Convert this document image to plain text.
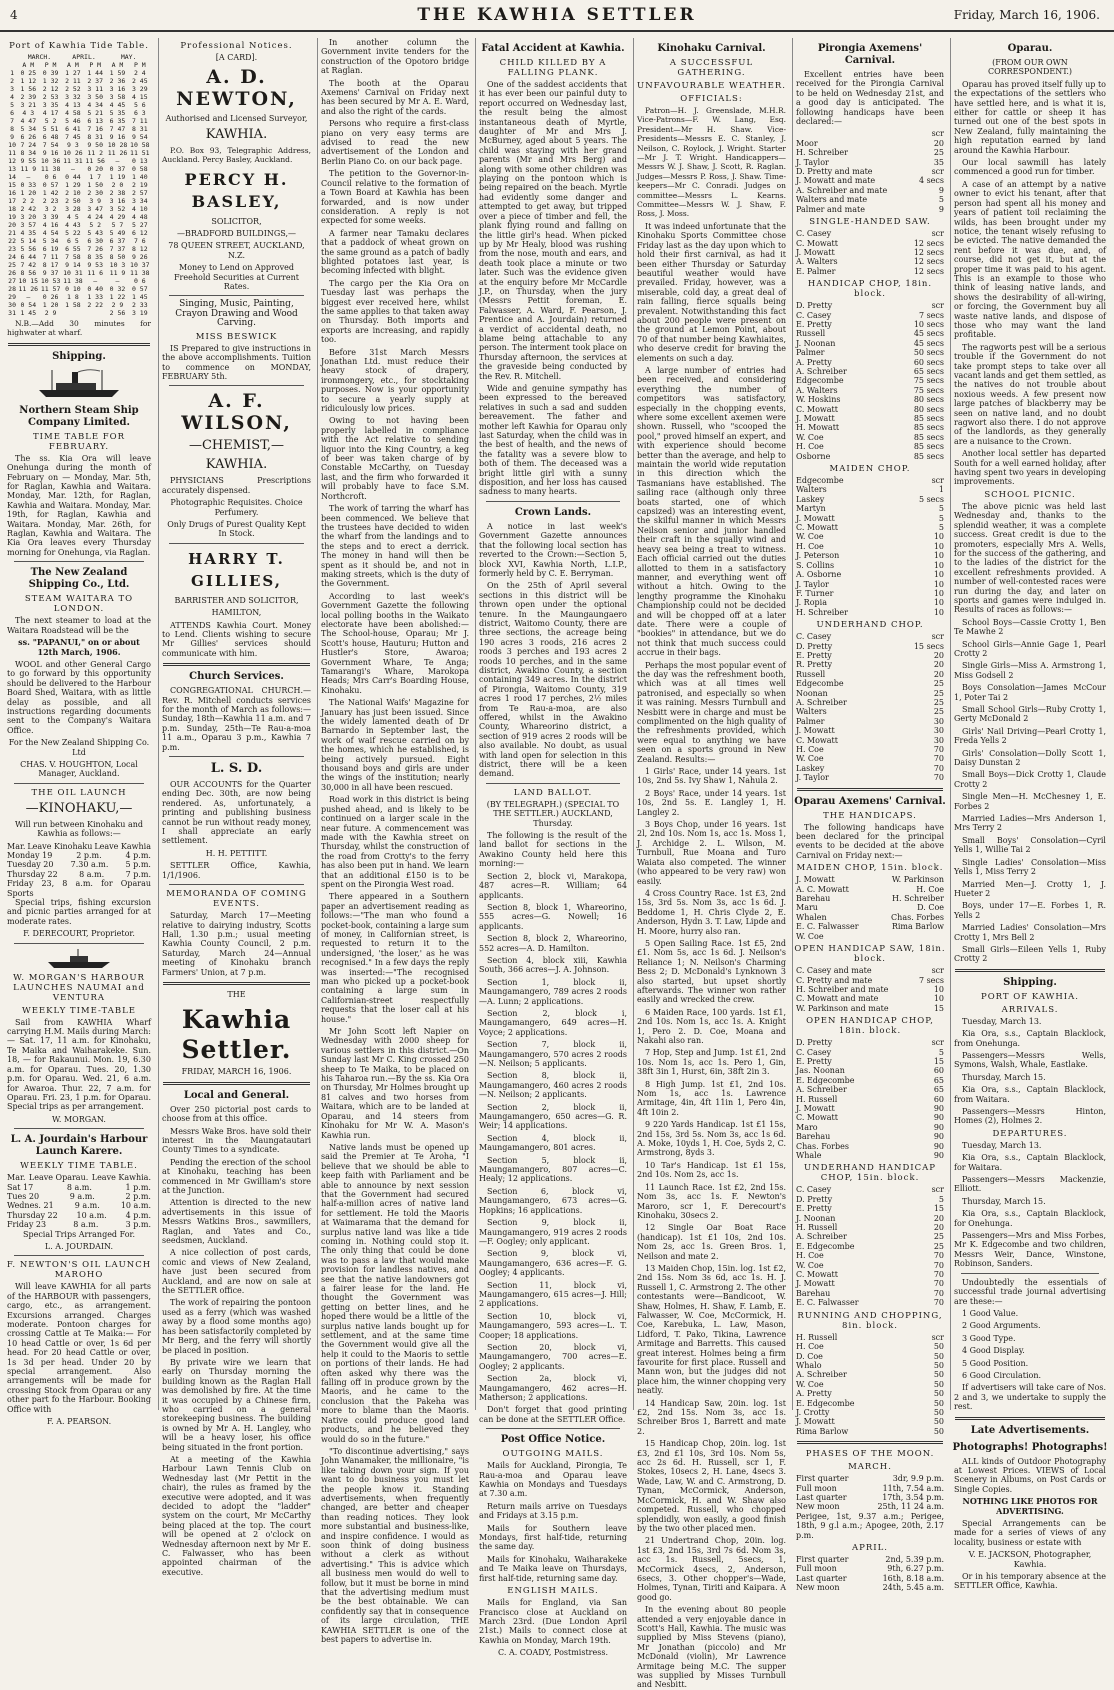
4	THE KAWHIA SETTLER	Friday, March 16, 1906.
Port of Kawhia Tide Table.
	MARCH.		APRIL.		MAY.	
	A M	P M	A M	P M	A M	P M
1	0 25	0 39	1 27	1 44	1 59	2 4
2	1 12	1 32	2 11	2 37	2 36	2 45
3	1 56	2 12	2 52	3 11	3 16	3 29
4	2 39	2 53	3 32	3 50	3 58	4 15
5	3 21	3 35	4 13	4 34	4 45	5 6
6	4 3	4 17	4 58	5 21	5 35	6 3
7	4 47	5 2	5 46	6 13	6 35	7 11
8	5 34	5 51	6 41	7 16	7 47	8 31
9	6 26	6 48	7 45	8 31	9 16	9 54
10	7 24	7 54	9 3	9 50	10 28	10 58
11	8 34	9 16	10 26	11 2	11 26	11 51
12	9 55	10 36	11 31	11 56	—	0 13
13	11 9	11 38	—	0 20	0 37	0 58
14	—	0 6	0 44	1 7	1 19	1 40
15	0 33	0 57	1 29	1 50	2 0	2 19
16	1 20	1 42	2 10	2 30	2 38	2 57
17	2 2	2 23	2 50	3 9	3 16	3 34
18	2 42	3 2	3 28	3 47	3 52	4 10
19	3 20	3 39	4 5	4 24	4 29	4 48
20	3 57	4 16	4 43	5 2	5 7	5 27
21	4 35	4 54	5 22	5 43	5 49	6 12
22	5 14	5 34	6 5	6 30	6 37	7 6
23	5 56	6 19	6 55	7 26	7 37	8 12
24	6 44	7 11	7 58	8 35	8 50	9 26
25	7 42	8 17	9 14	9 53	10 3	10 37
26	8 56	9 37	10 31	11 6	11 9	11 38
27	10 15	10 53	11 38	—	—	0 6
28	11 26	11 57	0 10	0 40	0 32	0 57
29	—	0 26	1 8	1 33	1 22	1 45
30	0 54	1 20	1 58	2 22	2 9	2 33
31	1 45	2 9			2 56	3 19

N.B.—Add 30 minutes for highwater at wharf.

Shipping.
Northern Steam Ship Company Limited.
TIME TABLE FOR FEBRUARY.

The ss. Kia Ora will leave Onehunga during the month of February on — Monday, Mar. 5th, for Raglan, Kawhia and Waitara. Monday, Mar. 12th, for Raglan, Kawhia and Waitara. Monday, Mar. 19th, for Raglan, Kawhia and Waitara. Monday, Mar. 26th, for Raglan, Kawhia and Waitara. The Kia Ora leaves every Thursday morning for Onehunga, via Raglan.

The New Zealand Shipping Co., Ltd.
STEAM WAITARA TO LONDON.

The next steamer to load at the Waitara Roadstead will be the

ss. "PAPANUI," on or about 12th March, 1906.

WOOL and other General Cargo to go forward by this opportunity should be delivered to the Harbour Board Shed, Waitara, with as little delay as possible, and all instructions regarding documents sent to the Company's Waitara Office.

For the New Zealand Shipping Co. Ltd

CHAS. V. HOUGHTON, Local Manager, Auckland.

THE OIL LAUNCH
—KINOHAKU,—

Will run between Kinohaku and Kawhia as follows:—

Mar. Leave Kinohaku Leave Kawhia
Monday 19	2 p.m.	4 p.m.
Tuesday 20 7.30 a.m. 5 p.m.
Thursday 22	8 a.m.	7 p.m.
Friday 23, 8 a.m. for Oparau Sports

Special trips, fishing excursion and picnic parties arranged for at moderate rates.

F. DERECOURT, Proprietor.

W. MORGAN'S HARBOUR LAUNCHES NAUMAI and VENTURA
WEEKLY TIME-TABLE

Sail from KAWHIA Wharf carrying H.M. Mails during March:— Sat. 17, 11 a.m. for Kinohaku, Te Maika and Waiharakeke. Sun. 18, — for Rakaunui. Mon. 19, 6.30 a.m. for Oparau. Tues. 20, 1.30 p.m. for Oparau. Wed. 21, 6 a.m. for Awaroa. Thur. 22, 7 a.m. for Oparau. Fri. 23, 1 p.m. for Oparau. Special trips as per arrangement.

W. MORGAN.

L. A. Jourdain's Harbour Launch Karere.
WEEKLY TIME TABLE.
Mar. Leave Oparau. Leave Kawhia.
Sat 17	8 a.m.	1 p.m.
Tues 20	9 a.m.	2 p.m.
Wednes. 21	9 a.m.	10 a.m.
Thursday 22 10 a.m. 4 p.m.
Friday 23	8 a.m.	3 p.m.

Special Trips Arranged For.

L. A. JOURDAIN.

F. NEWTON'S OIL LAUNCH MAROHO

Will leave KAWHIA for all parts of the HARBOUR with passengers, cargo, etc., as arrangement. Excursions arranged. Charges moderate. Pontoon charges for crossing Cattle at Te Maika:— For 10 head Cattle or over, 1s 6d per head. For 20 head Cattle or over, 1s 3d per head. Under 20 by special arrangement. Also arrangements will be made for crossing Stock from Oparau or any other part fo the Harbour. Booking Office with

F. A. PEARSON.

Professional Notices.

[A CARD].

A. D. NEWTON,

Authorised and Licensed Surveyor,

KAWHIA.

P.O. Box 93, Telegraphic Address, Auckland. Percy Basley, Auckland.

PERCY H. BASLEY,

SOLICITOR,

—BRADFORD BUILDINGS,—

78 QUEEN STREET, AUCKLAND, N.Z.

Money to Lend on Approved Freehold Securities at Current Rates.

Singing, Music, Painting, Crayon Drawing and Wood Carving.

MISS BESWICK

IS Prepared to give instructions in the above accomplishments. Tuition to commence on MONDAY, FEBRUARY 5th.

A. F. WILSON,
—CHEMIST,—
KAWHIA.

PHYSICIANS Prescriptions accurately dispensed.

Photographic Requisites. Choice Perfumery.

Only Drugs of Purest Quality Kept In Stock.

HARRY T. GILLIES,

BARRISTER AND SOLICITOR,

HAMILTON,

ATTENDS Kawhia Court. Money to Lend. Clients wishing to secure Mr Gillies' services should communicate with him.

Church Services.

CONGREGATIONAL CHURCH.—Rev. R. Mitchell conducts services for the month of March as follows:— Sunday, 18th—Kawhia 11 a.m. and 7 p.m. Sunday, 25th—Te Rau-a-moa 11 a.m., Oparau 3 p.m., Kawhia 7 p.m.

L. S. D.

OUR ACCOUNTS for the Quarter ending Dec. 30th, are now being rendered. As, unfortunately, a printing and publishing business cannot be run without ready money, I shall appreciate an early settlement.

H. H. PETTITT.

SETTLER Office, Kawhia, 1/1/1906.

MEMORANDA OF COMING EVENTS.

Saturday, March 17—Meeting relative to dairying industry, Scotts Hall, 1.30 p.m.; usual meeting Kawhia County Council, 2 p.m. Saturday, March 24—Annual meeting of Kinohaku branch Farmers' Union, at 7 p.m.

THE

Kawhia Settler.

FRIDAY, MARCH 16, 1906.

Local and General.

Over 250 pictorial post cards to choose from at this office.

Messrs Wake Bros. have sold their interest in the Maungatautari County Times to a syndicate.

Pending the erection of the school at Kinohaku, teaching has been commenced in Mr Gwilliam's store at the Junction.

Attention is directed to the new advertisements in this issue of Messrs Watkins Bros., sawmillers, Raglan, and Yates and Co., seedsmen, Auckland.

A nice collection of post cards, comic and views of New Zealand, have just been secured from Auckland, and are now on sale at the SETTLER office.

The work of repairing the pontoon used as a ferry (which was washed away by a flood some months ago) has been satisfactorily completed by Mr Berg, and the ferry will shortly be placed in position.

By private wire we learn that early on Thursday morning the building known as the Raglan Hall was demolished by fire. At the time it was occupied by a Chinese firm, who carried on a general storekeeping business. The building is owned by Mr A. H. Langley, who will be a heavy loser, his office being situated in the front portion.

At a meeting of the Kawhia Harbour Lawn Tennis Club on Wednesday last (Mr Pettit in the chair), the rules as framed by the executive were adopted, and it was decided to adopt the "ladder" system on the court, Mr McCarthy being placed at the top. The court will be opened at 2 o'clock on Wednesday afternoon next by Mr E. C. Falwasser, who has been appointed chairman of the executive.

In another column the Government invite tenders for the construction of the Opotoro bridge at Raglan.

The booth at the Oparau Axemens' Carnival on Friday next has been secured by Mr A. E. Ward, and also the right of the cards.

Persons who require a first-class piano on very easy terms are advised to read the new advertisement of the London and Berlin Piano Co. on our back page.

The petition to the Governor-in-Council relative to the formation of a Town Board at Kawhia has been forwarded, and is now under consideration. A reply is not expected for some weeks.

A farmer near Tamaku declares that a paddock of wheat grown on the same ground as a patch of badly blighted potatoes last year, is becoming infected with blight.

The cargo per the Kia Ora on Tuesday last was perhaps the biggest ever received here, whilst the same applies to that taken away on Thursday. Both imports and exports are increasing, and rapidly too.

Before 31st March Messrs Jonathan Ltd. must reduce their heavy stock of drapery, ironmongery, etc., for stocktaking purposes. Now is your opportunity to secure a yearly supply at ridiculously low prices.

Owing to not having been properly labelled in compliance with the Act relative to sending liquor into the King Country, a keg of beer was taken charge of by Constable McCarthy, on Tuesday last, and the firm who forwarded it will probably have to face S.M. Northcroft.

The work of tarring the wharf has been commenced. We believe that the trustees have decided to widen the wharf from the landings and to the steps and to erect a derrick. The money in hand will then be spent as it should be, and not in making streets, which is the duty of the Government.

According to last week's Government Gazette the following local polling booths in the Waikato electorate have been abolished:—The School-house, Oparau; Mr J. Scott's house, Hauturu; Hutton and Hustler's Store, Awaroa; Government Whare, Te Anga; Tamarangi's Whare, Marokopa Heads; Mrs Carr's Boarding House, Kinohaku.

The National Waifs' Magazine for January has just been issued. Since the widely lamented death of Dr Barnardo in September last, the work of waif rescue carried on by the homes, which he established, is being actively pursued. Eight thousand boys and girls are under the wings of the institution; nearly 30,000 in all have been rescued.

Road work in this district is being pushed ahead, and is likely to be continued on a larger scale in the near future. A commencement was made with the Kawhia street on Thursday, whilst the construction of the road from Crotty's to the ferry has also been put in hand. We learn that an additional £150 is to be spent on the Pirongia West road.

There appeared in a Southern paper an advertisement reading as follows:—"The man who found a pocket-book, containing a large sum of money, in Californian street, is requested to return it to the undersigned, 'the loser,' as he was recognised." In a few days the reply was inserted:—"The recognised man who picked up a pocket-book containing a large sum in Californian-street respectfully requests that the loser call at his house."

Mr John Scott left Napier on Wednesday with 2000 sheep for various settlers in this district.—On Sunday last Mr C. King crossed 250 sheep to Te Maika, to be placed on his Taharoa run.—By the ss. Kia Ora on Thursday, Mr Holmes brought up 81 calves and two horses from Waitara, which are to be landed at Oparau, and 14 steers from Kinohaku for Mr W. A. Mason's Kawhia run.

Native lands must be opened up said the Premier at Te Aroha, "I believe that we should be able to keep faith with Parliament and be able to announce by next session that the Government had secured half-a-million acres of native land for settlement. He told the Maoris at Waimarama that the demand for surplus native land was like a tide coming in. Nothing could stop it. The only thing that could be done was to pass a law that would make provision for landless natives, and see that the native landowners got a fairer lease for the land. He thought the Government was getting on better lines, and he hoped there would be a little of the surplus native lands bought up for settlement, and at the same time the Government would give all the help it could to the Maoris to settle on portions of their lands. He had often asked why there was the falling off in produce grown by the Maoris, and he came to the conclusion that the Pakeha was more to blame than the Maoris. Native could produce good land products, and he believed they would do so in the future."

"To discontinue advertising," says John Wanamaker, the millionaire, "is like taking down your sign. If you want to do business you must let the people know it. Standing advertisements, when frequently changed, are better and cheaper than reading notices. They look more substantial and business-like, and inspire confidence. I would as soon think of doing business without a clerk as without advertising." This is advice which all business men would do well to follow, but it must be borne in mind that the advertising medium must be the best obtainable. We can confidently say that in consequence of its large circulation, THE KAWHIA SETTLER is one of the best papers to advertise in.

Fatal Accident at Kawhia.
CHILD KILLED BY A FALLING PLANK.

One of the saddest accidents that it has ever been our painful duty to report occurred on Wednesday last, the result being the almost instantaneous death of Myrtle, daughter of Mr and Mrs J. McBurney, aged about 5 years. The child was staying with her grand parents (Mr and Mrs Berg) and along with some other children was playing on the pontoon which is being repaired on the beach. Myrtle had evidently some danger and attempted to get away, but tripped over a piece of timber and fell, the plank flying round and falling on the little girl's head. When picked up by Mr Healy, blood was rushing from the nose, mouth and ears, and death took place a minute or two later. Such was the evidence given at the enquiry before Mr McCardle J.P., on Thursday, when the jury (Messrs Pettit foreman, E. Falwasser, A. Ward, F. Pearson, J. Prentice and A. Jourdain) returned a verdict of accidental death, no blame being attachable to any person. The interment took place on Thursday afternoon, the services at the graveside being conducted by the Rev. R. Mitchell.

Wide and genuine sympathy has been expressed to the bereaved relatives in such a sad and sudden bereavement. The father and mother left Kawhia for Oparau only last Saturday, when the child was in the best of health, and the news of the fatality was a severe blow to both of them. The deceased was a bright little girl with a sunny disposition, and her loss has caused sadness to many hearts.

Crown Lands.

A notice in last week's Government Gazette announces that the following local section has reverted to the Crown:—Section 5, block XVI, Kawhia North, L.I.P., formerly held by C. E. Berryman.

On the 25th of April several sections in this district will be thrown open under the optional tenure. In the Maungaungaero district, Waitomo County, there are three sections, the acreage being 190 acres 3 roods, 216 acres 2 roods 3 perches and 193 acres 2 roods 10 perches, and in the same district, Awakino County, a section containing 349 acres. In the district of Pirongia, Waitomo County, 319 acres 1 rood 17 perches, 2½ miles from Te Rau-a-moa, are also offered, whilst in the Awakino County, Whareorino district, a section of 919 acres 2 roods will be also available. No doubt, as usual with land open for selection in this district, there will be a keen demand.

LAND BALLOT.

(BY TELEGRAPH.) (SPECIAL TO THE SETTLER.) AUCKLAND, Thursday.

The following is the result of the land ballot for sections in the Awakino County held here this morning:—

Section 2, block vi, Marakopa, 487 acres—R. William; 64 applicants.

Section 8, block 1, Whareorino, 555 acres—G. Nowell; 16 applicants.

Section 8, block 2, Whareorino, 552 acres—A. D. Hamilton.

Section 4, block xiii, Kawhia South, 366 acres—J. A. Johnson.

Section 1, block ii, Maungamangero, 789 acres 2 roods—A. Lunn; 2 applications.

Section 2, block i, Maungamangero, 649 acres—H. Voyce; 2 applications.

Section 7, block ii, Maungamangero, 570 acres 2 roods—N. Neilson; 5 applicants.

Section 8, block ii, Maungamangero, 460 acres 2 roods—N. Neilson; 2 applicants.

Section 2, block ii, Maungamangero, 650 acres—G. R. Weir; 14 applications.

Section 4, block ii, Maungamangero, 801 acres.

Section 5, block ii, Maungamangero, 807 acres—C. Healy; 12 applications.

Section 6, block vi, Maungamangero, 673 acres—G. Hopkins; 16 applications.

Section 9, block ii, Maungamangero, 919 acres 2 roods—F. Oogley; only applicant.

Section 9, block vi, Maungamangero, 636 acres—F. G. Oogley; 4 applicants.

Section 11, block vi, Maungamangero, 615 acres—J. Hill; 2 applications.

Section 10, block vi, Maungamangero, 593 acres—L. T. Cooper; 18 applications.

Section 20, block vi, Maungamangero, 700 acres—E. Oogley; 2 applicants.

Section 2a, block vi, Maungamangero, 462 acres—H. Matherson; 2 applications.

Don't forget that good printing can be done at the SETTLER Office.

Post Office Notice.
OUTGOING MAILS.

Mails for Auckland, Pirongia, Te Rau-a-moa and Oparau leave Kawhia on Mondays and Tuesdays at 7.30 a.m.

Return mails arrive on Tuesdays and Fridays at 3.15 p.m.

Mails for Southern leave Mondays, first half-tide, returning the same day.

Mails for Kinohaku, Waiharakeke and Te Maika leave on Thursdays, first half-tide, returning same day.

ENGLISH MAILS.

Mails for England, via San Francisco close at Auckland on March 23rd. (Due London April 21st.) Mails to connect close at Kawhia on Monday, March 19th.

C. A. COADY, Postmistress.

Kinohaku Carnival.
A SUCCESSFUL GATHERING.
UNFAVOURABLE WEATHER.
OFFICIALS:

Patron—H. J. Greenslade, M.H.R. Vice-Patrons—F. W. Lang, Esq. President—Mr H. Shaw. Vice-Presidents—Messrs E. C. Stanley, J. Neilson, C. Roylock, J. Wright. Starter—Mr J. T. Wright. Handicappers—Messrs W. J. Shaw, J. Scott, R. Raglan. Judges—Messrs P. Ross, J. Shaw. Time-keepers—Mr C. Conradi. Judges on committee—Messrs L. Kearns. Committee—Messrs W. J. Shaw, F. Ross, J. Moss.

It was indeed unfortunate that the Kinohaku Sports Committee chose Friday last as the day upon which to hold their first carnival, as had it been either Thursday or Saturday beautiful weather would have prevailed. Friday, however, was a miserable, cold day, a great deal of rain falling, fierce squalls being prevalent. Notwithstanding this fact about 200 people were present on the ground at Lemon Point, about 70 of that number being Kawhiaites, who deserve credit for braving the elements on such a day.

A large number of entries had been received, and considering everything the number of competitors was satisfactory, especially in the chopping events, where some excellent axemen were shown. Russell, who "scooped the pool," proved himself an expert, and with experience should become better than the average, and help to maintain the world wide reputation in this direction which the Tasmanians have established. The sailing race (although only three boats started, one of which capsized) was an interesting event, the skilful manner in which Messrs Neilson senior and junior handled their craft in the squally wind and heavy sea being a treat to witness. Each official carried out the duties allotted to them in a satisfactory manner, and everything went off without a hitch. Owing to the lengthy programme the Kinohaku Championship could not be decided and will be chopped off at a later date. There were a couple of "bookies" in attendance, but we do not think that much success could accrue in their bags.

Perhaps the most popular event of the day was the refreshment booth, which was at all times well patronised, and especially so when it was raining. Messrs Turnbull and Nesbitt were in charge and must be complimented on the high quality of the refreshments provided, which were equal to anything we have seen on a sports ground in New Zealand. Results:—

1 Girls' Race, under 14 years. 1st 10s, 2nd 5s. Ivy Shaw 1, Nahula 2.

2 Boys' Race, under 14 years. 1st 10s, 2nd 5s. E. Langley 1, H. Langley 2.

3 Boys Chop, under 16 years. 1st 2l, 2nd 10s. Nom 1s, acc 1s. Moss 1, J. Archidge 2. L. Wilson, M. Turnbull, Rue Moana and Turo Waiata also competed. The winner (who appeared to be very raw) won easily.

4 Cross Country Race. 1st £3, 2nd 15s, 3rd 5s. Nom 3s, acc 1s 6d. J. Beddome 1, H. Chris Clyde 2, E. Anderson, Hydn 3. T. Law, Lipde and H. Moore, hurry also ran.

5 Open Sailing Race. 1st £5, 2nd £1. Nom 5s, acc 1s 6d. J. Neilson's Reliance 1; N. Neilson's Charming Bess 2; D. McDonald's Lynknown 3 also started, but upset shortly afterwards. The winner won rather easily and wrecked the crew.

6 Maiden Race, 100 yards. 1st £1, 2nd 10s. Nom 1s, acc 1s. A. Knight 1, Pero 2. D. Coe, Moana and Nakahi also ran.

7 Hop, Step and Jump. 1st £1, 2nd 10s. Nom 1s, acc 1s. Pero 1, Gin, 38ft 3in 1, Hurst, 6in, 38ft 2in 3.

8 High Jump. 1st £1, 2nd 10s. Nom 1s, acc 1s. Lawrence Armitage, 4in, 4ft 11in 1, Pero 4in, 4ft 10in 2.

9 220 Yards Handicap. 1st £1 15s, 2nd 15s, 3rd 5s. Nom 3s, acc 1s 6d. A. Moke, 10yds 1, H. Coe, 5yds 2, C. Armstrong, 8yds 3.

10 Tar's Handicap. 1st £1 15s, 2nd 10s. Nom 2s, acc 1s.

11 Launch Race. 1st £2, 2nd 15s. Nom 3s, acc 1s. F. Newton's Maroro, scr 1, F. Derecourt's Kinohaku, 30secs 2.

12 Single Oar Boat Race (handicap). 1st £1 10s, 2nd 10s. Nom 2s, acc 1s. Green Bros. 1, Neilson and mate 2.

13 Maiden Chop, 15in. log. 1st £2, 2nd 15s. Nom 3s 6d, acc 1s. H. J. Russell 1, C. Armstrong 2. The other contestants were—Bandicoot, W. Shaw, Holmes, H. Shaw, F. Lamb, E. Falwasser, W. Coe, McCormick, H. Coe, Karebuka, L. Law, Mason, Lidford, T. Pako, Tikina, Lawrence Armitage and Barretts. This caused great interest. Holmes being a firm favourite for first place. Russell and Mann won, but the judges did not place him, the winner chopping very neatly.

14 Handicap Saw, 20in. log. 1st £2, 2nd 15s. Nom 3s, acc 1s. Schreiber Bros 1, Barrett and mate 2.

15 Handicap Chop, 20in. log. 1st £3, 2nd £1 10s, 3rd 10s. Nom 5s, acc 2s 6d. H. Russell, scr 1, F. Stokes, 10secs 2, H. Lane, 4secs 3. Wade, Law, W. and C. Armstrong, D. Tynan, McCormick, Anderson, McCormick, H. and W. Shaw also competed. Russell, who chopped splendidly, won easily, a good finish by the two other placed men.

21 Undertrand Chop, 20in. log. 1st £3, 2nd 15s, 3rd 7s 6d. Nom 3s, acc 1s. Russell, 5secs, 1, McCormick 4secs, 2, Anderson, 6secs, 3. Other chopper's—Wade, Holmes, Tynan, Tiriti and Kaipara. A good go.

In the evening about 80 people attended a very enjoyable dance in Scott's Hall, Kawhia. The music was supplied by Miss Stevens (piano), Mr Jonathan (piccolo) and Mr McDonald (violin), Mr Lawrence Armitage being M.C. The supper was supplied by Misses Turnbull and Nesbitt.

Pirongia Axemens' Carnival.

Excellent entries have been received for the Pirongia Carnival to be held on Wednesday 21st, and a good day is anticipated. The following handicaps have been declared:—

scr
Moor	20
H. Schreiber	25
J. Taylor	35
D. Pretty and mate	scr
J. Mowatt and mate	4 secs
A. Schreiber and mate	9
Walters and mate	5
Palmer and mate	9
SINGLE-HANDED SAW.
C. Casey	scr
C. Mowatt	12 secs
J. Mowatt	12 secs
A. Walters	12 secs
E. Palmer	12 secs
HANDICAP CHOP, 18in. block.
D. Pretty	scr
C. Casey	7 secs
E. Pretty	10 secs
Russell	45 secs
J. Noonan	45 secs
Palmer	50 secs
A. Pretty	60 secs
A. Schreiber	65 secs
Edgecombe	75 secs
A. Walters	75 secs
W. Hoskins	80 secs
C. Mowatt	80 secs
J. Mowatt	85 secs
H. Mowatt	85 secs
W. Coe	85 secs
H. Coe	85 secs
Osborne	85 secs
MAIDEN CHOP.
Edgecombe	scr
Walters	1
Laskey	5 secs
Martyn	5
J. Mowatt	5
C. Mowatt	5
W. Coe	10
H. Coe	10
J. Peterson	10
S. Collins	10
A. Osborne	10
J. Taylor	10
F. Turner	10
J. Ropia	10
H. Schreiber	10
UNDERHAND CHOP.
C. Casey	scr
D. Pretty	15 secs
E. Pretty	20
R. Pretty	20
Russell	20
Edgecombe	25
Noonan	25
A. Schreiber	25
Walters	25
Palmer	30
J. Mowatt	30
C. Mowatt	30
H. Coe	70
W. Coe	70
Laskey	70
J. Taylor	70
Oparau Axemens' Carnival.
THE HANDICAPS.

The following handicaps have been declared for the principal events to be decided at the above Carnival on Friday next:—

MAIDEN CHOP, 15in. block.
J. Mowatt	W. Parkinson
A. C. Mowatt	H. Coe
Barehau	H. Schreiber
Maru	D. Coe
Whalen	Chas. Forbes
E. C. Falwasser	Rima Barlow
W. Coe
OPEN HANDICAP SAW, 18in. block.
C. Casey and mate	scr
C. Pretty and mate	7 secs
H. Schreiber and mate	10
C. Mowatt and mate	10
W. Parkinson and mate	15
OPEN HANDICAP CHOP, 18in. block.
D. Pretty	scr
C. Casey	5
E. Pretty	15
Jas. Noonan	60
E. Edgecombe	65
A. Schreiber	65
H. Russell	60
J. Mowatt	90
C. Mowatt	90
Maro	90
Barehau	90
Chas. Forbes	90
Whale	90
UNDERHAND HANDICAP CHOP, 15in. block.
C. Casey	scr
D. Pretty	5
E. Pretty	15
J. Noonan	20
H. Russell	20
A. Schreiber	25
E. Edgecombe	25
H. Coe	70
W. Coe	70
C. Mowatt	70
J. Mowatt	70
Barehau	70
E. C. Falwasser	70
RUNNING AND CHOPPING, 8in. block.
H. Russell	scr
H. Coe	50
D. Coe	50
Whalo	50
A. Schreiber	50
W. Coe	50
A. Pretty	50
E. Edgecombe	50
J. Crotty	50
J. Mowatt	50
Rima Barlow	50
PHASES OF THE MOON.
MARCH.
First quarter	3dr, 9.9 p.m.
Full moon	11th, 7.54 a.m.
Last quarter	17th, 3.54 p.m.
New moon	25th, 11 24 a.m.
Perigee, 1st, 9.37 a.m.; Perigee, 18th, 9 g.l a.m.; Apogee, 20th, 2.17 p.m.
APRIL.
First quarter	2nd, 5.39 p.m.
Full moon	9th, 6.27 p.m.
Last quarter	16th, 8.18 a.m.
New moon	24th, 5.45 a.m.
Oparau.

(FROM OUR OWN CORRESPONDENT.)

Oparau has proved itself fully up to the expectations of the settlers who have settled here, and is what it is, either for cattle or sheep it has turned out one of the best spots in New Zealand, fully maintaining the high reputation earned by land around the Kawhia Harbour.

Our local sawmill has lately commenced a good run for timber.

A case of an attempt by a native owner to evict his tenant, after that person had spent all his money and years of patient toil reclaiming the wilds, has been brought under my notice, the tenant wisely refusing to be evicted. The native demanded the rent before it was due, and, of course, did not get it, but at the proper time it was paid to his agent. This is an example to those who think of leasing native lands, and shows the desirability of all-wiring, or forcing, the Government buy all waste native lands, and dispose of those who may want the land profitable.

The ragworts pest will be a serious trouble if the Government do not take prompt steps to take over all vacant lands and get them settled, as the natives do not trouble about noxious weeds. A few present now large patches of blackberry may be seen on native land, and no doubt ragwort also there. I do not approve of the landlords, as they generally are a nuisance to the Crown.

Another local settler has departed South for a well earned holiday, after having spent two years in developing improvements.

SCHOOL PICNIC.

The above picnic was held last Wednesday and, thanks to the splendid weather, it was a complete success. Great credit is due to the promoters, especially Mrs A. Wells, for the success of the gathering, and to the ladies of the district for the excellent refreshments provided. A number of well-contested races were run during the day, and later on sports and games were indulged in. Results of races as follows:—

School Boys—Cassie Crotty 1, Ben Te Mawhe 2

School Girls—Annie Gage 1, Pearl Crotty 2

Single Girls—Miss A. Armstrong 1, Miss Godsell 2

Boys Consolation—James McCour 1, Poter Tai 2

Small School Girls—Ruby Crotty 1, Gerty McDonald 2

Girls' Nail Driving—Pearl Crotty 1, Freda Yells 2

Girls' Consolation—Dolly Scott 1, Daisy Dunstan 2

Small Boys—Dick Crotty 1, Claude Crotty 2

Single Men—H. McChesney 1, E. Forbes 2

Married Ladies—Mrs Anderson 1, Mrs Terry 2

Small Boys' Consolation—Cyril Yells 1, Willie Tai 2

Single Ladies' Consolation—Miss Yells 1, Miss Terry 2

Married Men—J. Crotty 1, J. Hueter 2

Boys, under 17—E. Forbes 1, R. Yells 2

Married Ladies' Consolation—Mrs Crotty 1, Mrs Bell 2

Small Girls—Eileen Yells 1, Ruby Crotty 2

Shipping.
PORT OF KAWHIA.
ARRIVALS.

Tuesday, March 13.

Kia Ora, s.s., Captain Blacklock, from Onehunga.

Passengers—Messrs Wells, Symons, Walsh, Whale, Eastlake.

Thursday, March 15.

Kia Ora, s.s., Captain Blacklock, from Waitara.

Passengers—Messrs Hinton, Homes (2), Holmes 2.

DEPARTURES.

Tuesday, March 13.

Kia Ora, s.s., Captain Blacklock, for Waitara.

Passengers—Messrs Mackenzie, Elliott.

Thursday, March 15.

Kia Ora, s.s., Captain Blacklock, for Onehunga.

Passengers—Mrs and Miss Forbes, Mr K. Edgecombe and two children, Messrs Weir, Dance, Winstone, Robinson, Sanders.

Undoubtedly the essentials of successful trade journal advertising are these:—

1 Good Value.

2 Good Arguments.

3 Good Type.

4 Good Display.

5 Good Position.

6 Good Circulation.

If advertisers will take care of Nos. 2 and 3, we undertake to supply the rest.

Late Advertisements.
Photographs! Photographs!

ALL kinds of Outdoor Photography at Lowest Prices. VIEWS of Local Scenery in Albums, on Post Cards or Single Copies.

NOTHING LIKE PHOTOS FOR ADVERTISING.

Special Arrangements can be made for a series of views of any locality, business or estate with

V. E. JACKSON, Photographer, Kawhia.

Or in his temporary absence at the SETTLER Office, Kawhia.
